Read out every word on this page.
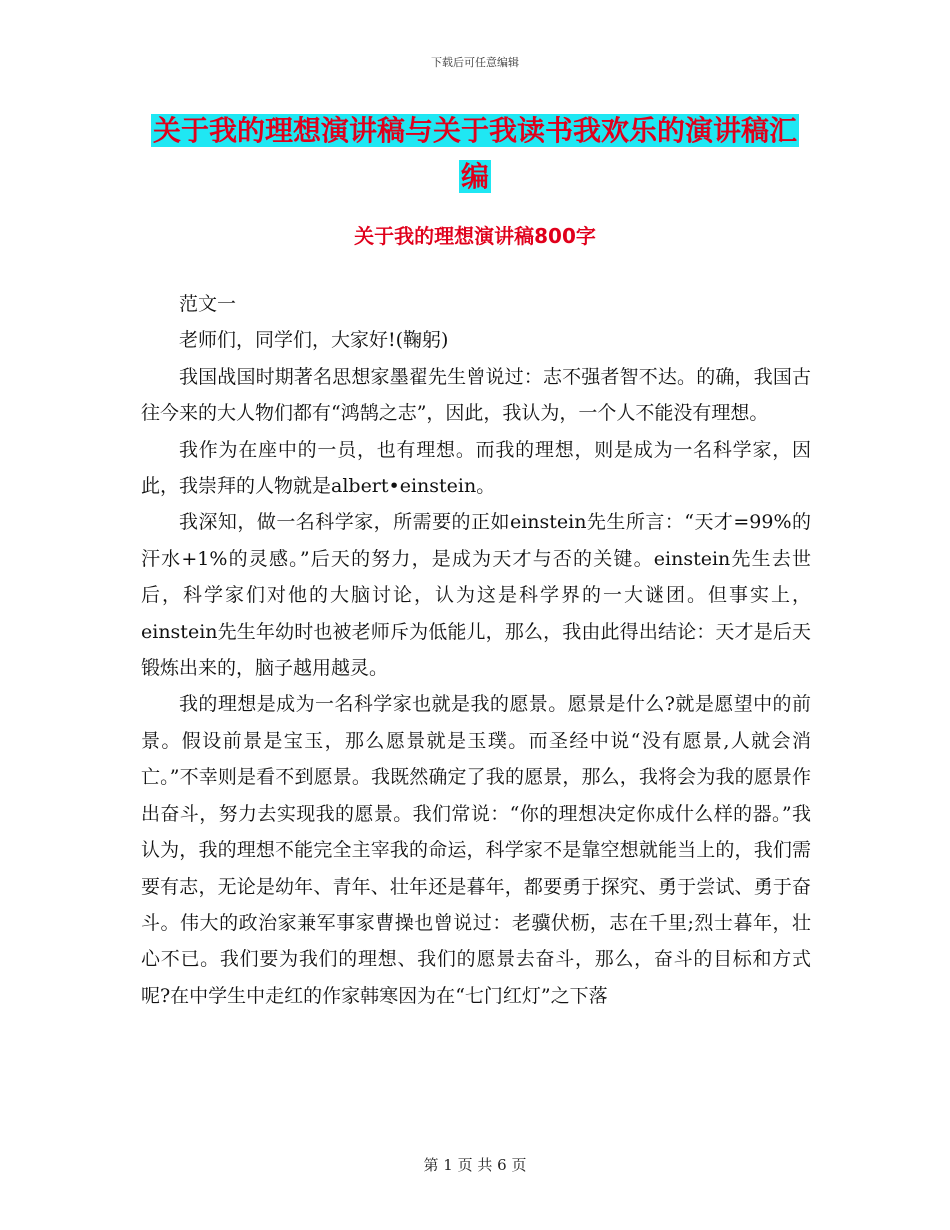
下载后可任意编辑
关于我的理想演讲稿与关于我读书我欢乐的演讲稿汇
编
关于我的理想演讲稿800字

范文一

老师们，同学们，大家好!(鞠躬)

我国战国时期著名思想家墨翟先生曾说过：志不强者智不达。的确，我国古往今来的大人物们都有“鸿鹄之志”，因此，我认为，一个人不能没有理想。

我作为在座中的一员，也有理想。而我的理想，则是成为一名科学家，因此，我崇拜的人物就是albert•einstein。

我深知，做一名科学家，所需要的正如einstein先生所言：“天才=99%的汗水+1%的灵感。”后天的努力，是成为天才与否的关键。einstein先生去世后，科学家们对他的大脑讨论，认为这是科学界的一大谜团。但事实上，einstein先生年幼时也被老师斥为低能儿，那么，我由此得出结论：天才是后天锻炼出来的，脑子越用越灵。

我的理想是成为一名科学家也就是我的愿景。愿景是什么?就是愿望中的前景。假设前景是宝玉，那么愿景就是玉璞。而圣经中说“没有愿景,人就会消亡。”不幸则是看不到愿景。我既然确定了我的愿景，那么，我将会为我的愿景作出奋斗，努力去实现我的愿景。我们常说：“你的理想决定你成什么样的器。”我认为，我的理想不能完全主宰我的命运，科学家不是靠空想就能当上的，我们需要有志，无论是幼年、青年、壮年还是暮年，都要勇于探究、勇于尝试、勇于奋斗。伟大的政治家兼军事家曹操也曾说过：老骥伏枥，志在千里;烈士暮年，壮心不已。我们要为我们的理想、我们的愿景去奋斗，那么，奋斗的目标和方式呢?在中学生中走红的作家韩寒因为在“七门红灯”之下落

第 1 页 共 6 页
